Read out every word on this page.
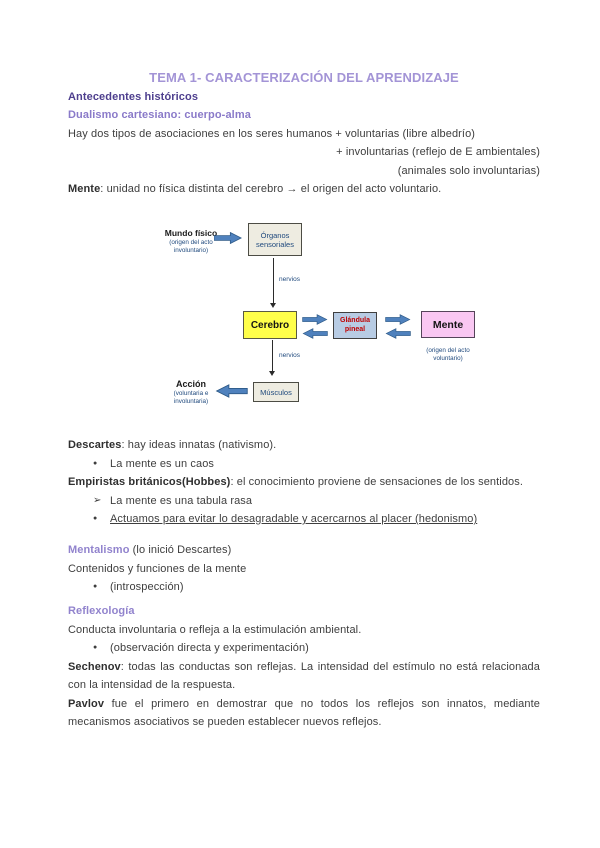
TEMA 1- CARACTERIZACIÓN DEL APRENDIZAJE
Antecedentes históricos
Dualismo cartesiano: cuerpo-alma
Hay dos tipos de asociaciones en los seres humanos + voluntarias (libre albedrío)
+ involuntarias (reflejo de E ambientales)
(animales solo involuntarias)
Mente: unidad no física distinta del cerebro → el origen del acto voluntario.
Mundo físico
(origen del acto involuntario)
Órganos sensoriales
nervios
Cerebro	Glándula pineal	Mente
(origen del acto voluntario)
nervios
Músculos
Acción
(voluntaria e involuntaria)
Descartes: hay ideas innatas (nativismo).
●	La mente es un caos
Empiristas británicos(Hobbes): el conocimiento proviene de sensaciones de los sentidos.
➢ La mente es una tabula rasa
●	Actuamos para evitar lo desagradable y acercarnos al placer (hedonismo)
Mentalismo (lo inició Descartes)
Contenidos y funciones de la mente
●	(introspección)
Reflexología
Conducta involuntaria o refleja a la estimulación ambiental.
●	(observación directa y experimentación)
Sechenov: todas las conductas son reflejas. La intensidad del estímulo no está relacionada con la intensidad de la respuesta.
Pavlov fue el primero en demostrar que no todos los reflejos son innatos, mediante mecanismos asociativos se pueden establecer nuevos reflejos.
